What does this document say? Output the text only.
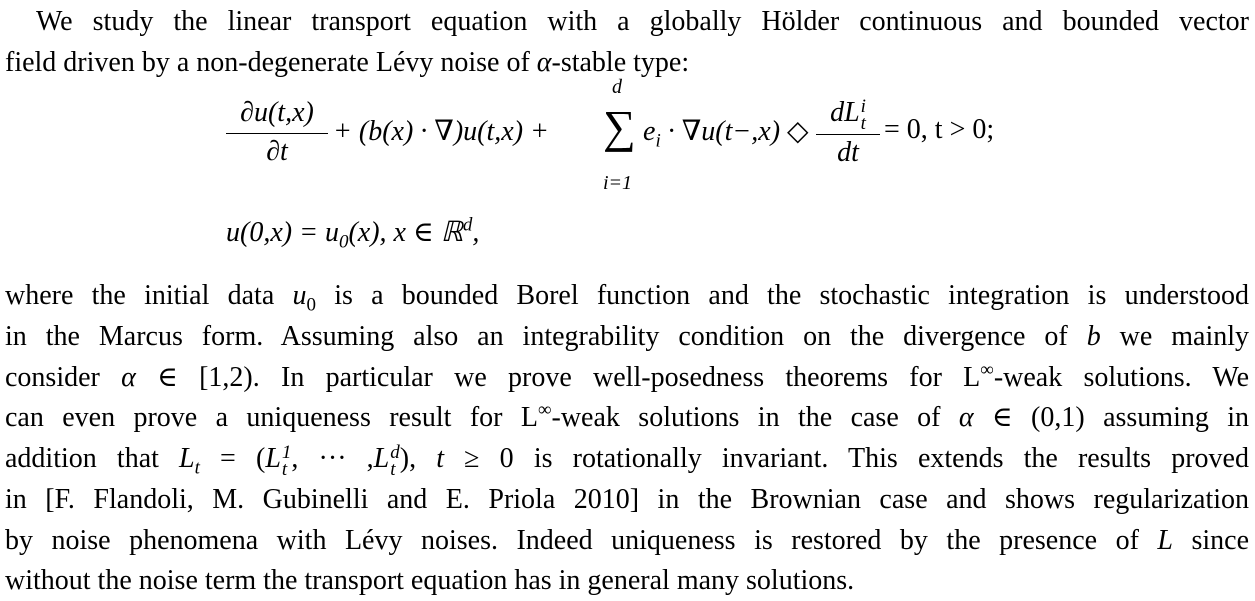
We study the linear transport equation with a globally Hölder continuous and bounded vector
field driven by a non-degenerate Lévy noise of α-stable type:
$\frac{\partial u(t,x)}{\partial t} + (b(x) \cdot \nabla)u(t,x)$ + ∑
d
i=1
$e_i \cdot \nabla u(t-,x)$ ◇
dL i
t
dt
= 0, t > 0;
$u(0,x) = u_0(x)$, x ∈ ℝ$^d$,
where the initial data $u_0$ is a bounded Borel function and the stochastic integration is understood
in the Marcus form. Assuming also an integrability condition on the divergence of b we mainly
consider α ∈ [1,2). In particular we prove well-posedness theorems for L∞-weak solutions. We
can even prove a uniqueness result for L∞-weak solutions in the case of α ∈ (0,1) assuming in
addition that $L_t = (L$ 1
t , ··· ,L d
t ), t ≥ 0 is rotationally invariant. This extends the results proved
in [F. Flandoli, M. Gubinelli and E. Priola 2010] in the Brownian case and shows regularization
by noise phenomena with Lévy noises. Indeed uniqueness is restored by the presence of L since
without the noise term the transport equation has in general many solutions.
